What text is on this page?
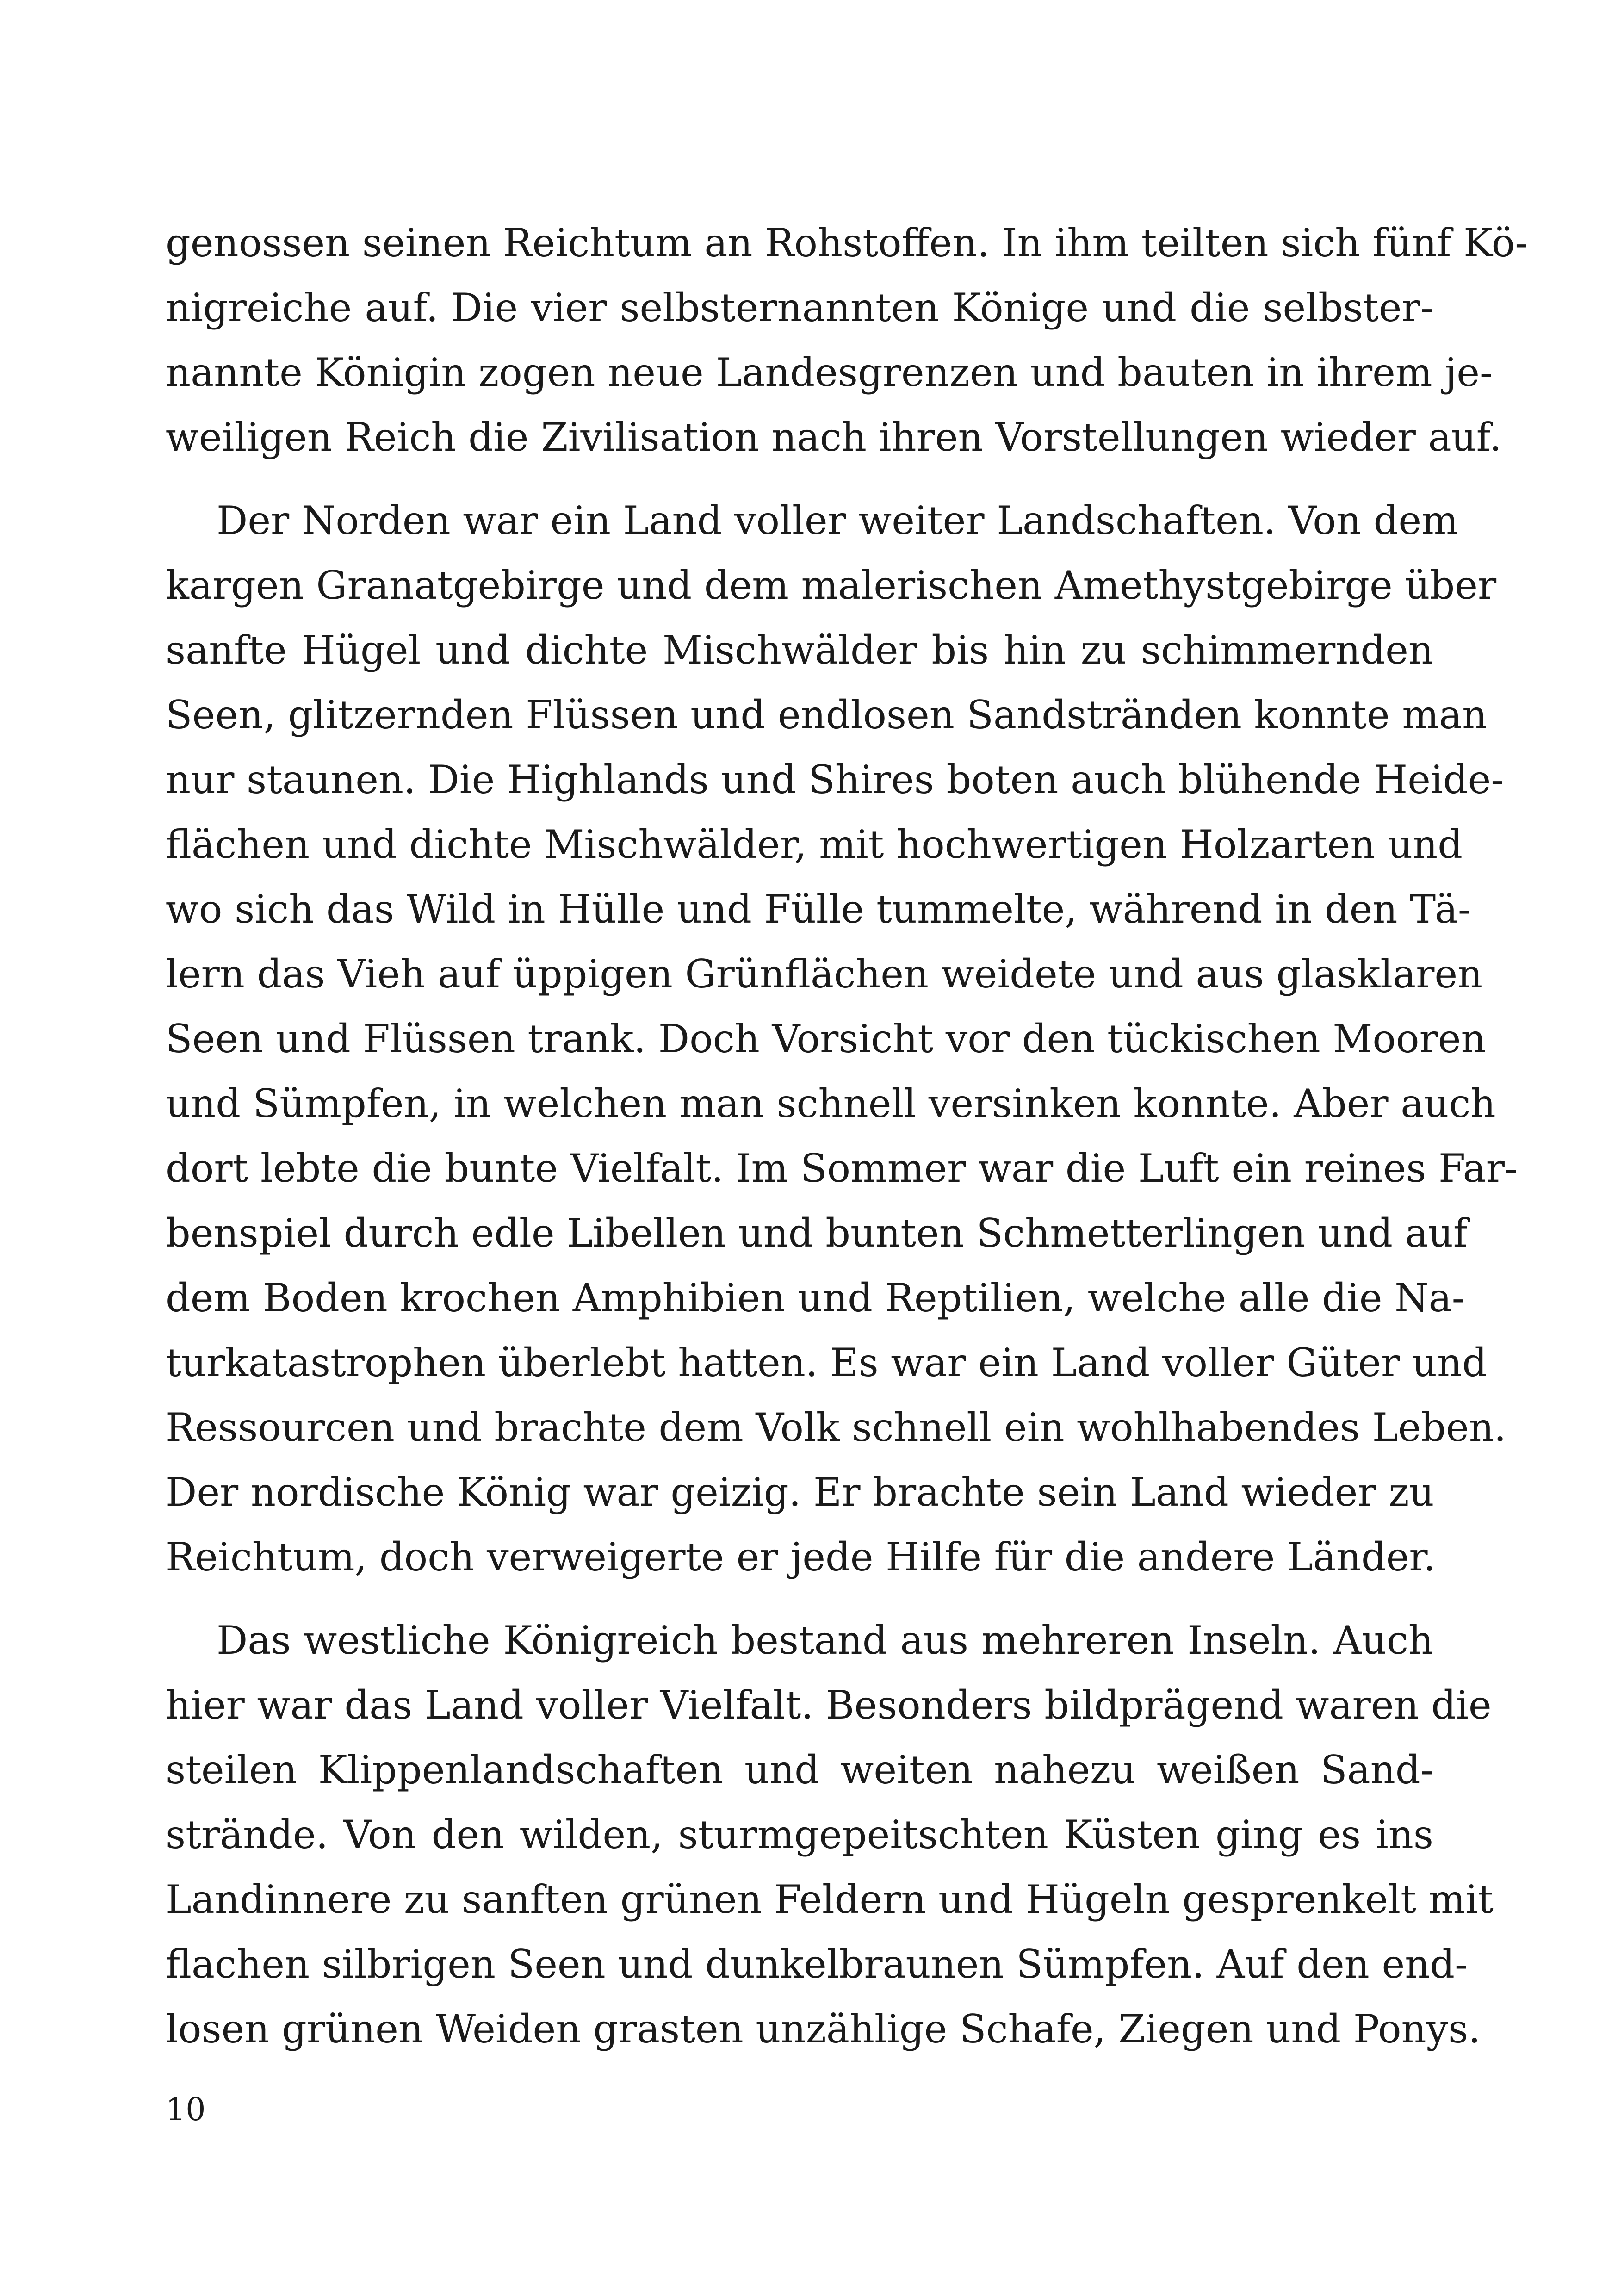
genossen seinen Reichtum an Rohstoffen. In ihm teilten sich fünf Kö-
nigreiche auf. Die vier selbsternannten Könige und die selbster-
nannte Königin zogen neue Landesgrenzen und bauten in ihrem je-
weiligen Reich die Zivilisation nach ihren Vorstellungen wieder auf.
Der Norden war ein Land voller weiter Landschaften. Von dem
kargen Granatgebirge und dem malerischen Amethystgebirge über
sanfte Hügel und dichte Mischwälder bis hin zu schimmernden
Seen, glitzernden Flüssen und endlosen Sandstränden konnte man
nur staunen. Die Highlands und Shires boten auch blühende Heide-
flächen und dichte Mischwälder, mit hochwertigen Holzarten und
wo sich das Wild in Hülle und Fülle tummelte, während in den Tä-
lern das Vieh auf üppigen Grünflächen weidete und aus glasklaren
Seen und Flüssen trank. Doch Vorsicht vor den tückischen Mooren
und Sümpfen, in welchen man schnell versinken konnte. Aber auch
dort lebte die bunte Vielfalt. Im Sommer war die Luft ein reines Far-
benspiel durch edle Libellen und bunten Schmetterlingen und auf
dem Boden krochen Amphibien und Reptilien, welche alle die Na-
turkatastrophen überlebt hatten. Es war ein Land voller Güter und
Ressourcen und brachte dem Volk schnell ein wohlhabendes Leben.
Der nordische König war geizig. Er brachte sein Land wieder zu
Reichtum, doch verweigerte er jede Hilfe für die andere Länder.
Das westliche Königreich bestand aus mehreren Inseln. Auch
hier war das Land voller Vielfalt. Besonders bildprägend waren die
steilen Klippenlandschaften und weiten nahezu weißen Sand-
strände. Von den wilden, sturmgepeitschten Küsten ging es ins
Landinnere zu sanften grünen Feldern und Hügeln gesprenkelt mit
flachen silbrigen Seen und dunkelbraunen Sümpfen. Auf den end-
losen grünen Weiden grasten unzählige Schafe, Ziegen und Ponys.
10
